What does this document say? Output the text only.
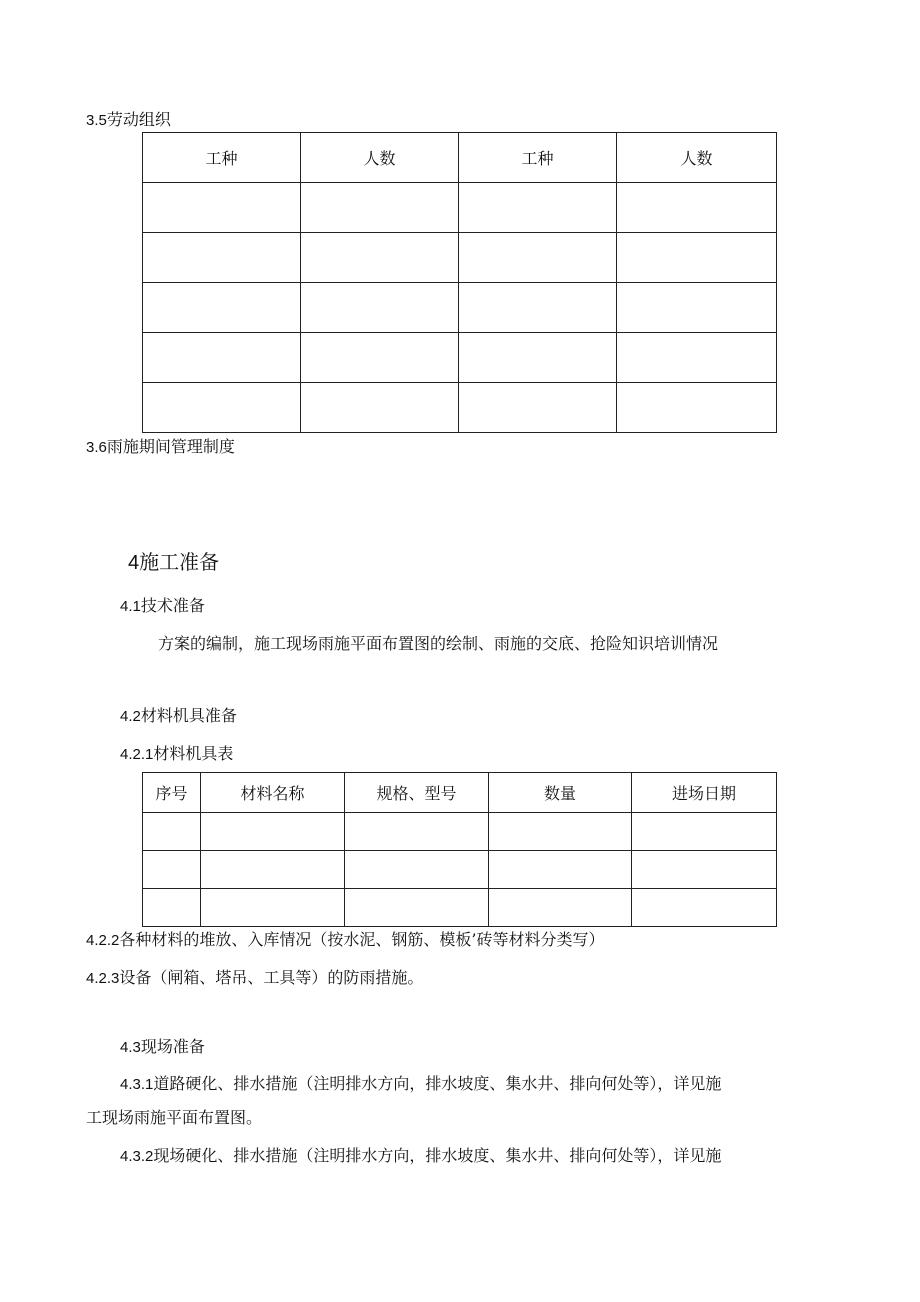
3.5劳动组织
工种	人数	工种	人数

3.6雨施期间管理制度
4施工准备
4.1技术准备
方案的编制，施工现场雨施平面布置图的绘制、雨施的交底、抢险知识培训情况
4.2材料机具准备
4.2.1材料机具表
序号	材料名称	规格、型号	数量	进场日期

4.2.2各种材料的堆放、入库情况（按水泥、钢筋、模板’砖等材料分类写）
4.2.3设备（闸箱、塔吊、工具等）的防雨措施。
4.3现场准备
4.3.1道路硬化、排水措施（注明排水方向，排水坡度、集水井、排向何处等），详见施
工现场雨施平面布置图。
4.3.2现场硬化、排水措施（注明排水方向，排水坡度、集水井、排向何处等），详见施
